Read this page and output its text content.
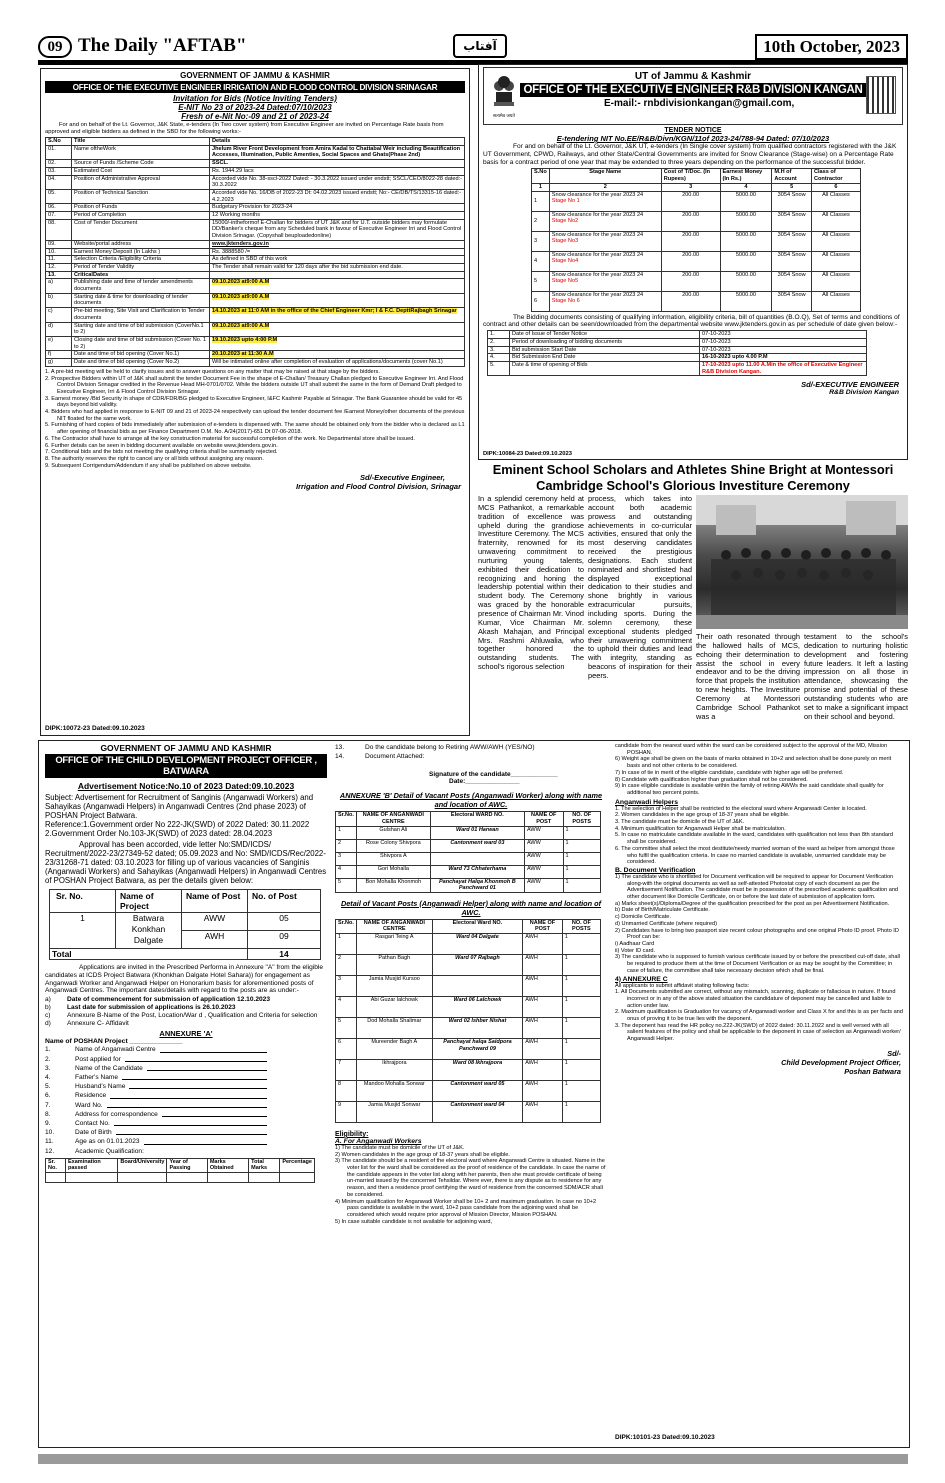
09 The Daily "AFTAB"	آفتاب	10th October, 2023
GOVERNMENT OF JAMMU & KASHMIR
OFFICE OF THE EXECUTIVE ENGINEER IRRIGATION AND FLOOD CONTROL DIVISION SRINAGAR
Invitation for Bids (Notice Inviting Tenders)
E-NIT No 23 of 2023-24 Dated:07/10/2023
Fresh of e-Nit No:-09 and 21 of 2023-24

For and on behalf of the Lt. Governor, J&K State, e-tenders (In Two cover system) from Executive Engineer are invited on Percentage Rate basis from approved and eligible bidders as defined in the SBD for the following works:-

S.No	Title	Details
01.	Name oftheWork	Jhelum River Front Development from Amira Kadal to Chattabal Weir including Beautification Accesses, Illumination, Public Amenties, Social Spaces and Ghats(Phase 2nd)
02.	Source of Funds /Scheme Code	SSCL.
03.	Estimated Cost	Rs. 1944.29 lacs
04.	Position of Administrative Approval	Accorded vide No. 38-sscl-2022 Dated: - 30.3.2022 issued under endstt; SSCL/CEO/8022-28 dated:- 30.3.2022
05.	Position of Technical Sanction	Accorded vide No. 16/DB of 2022-23 Dt: 04.02.2023 issued endstt; No:- CE/DB/TS/13315-16 dated:- 4.2.2023
06.	Position of Funds	Budgetary Provision for 2023-24
07.	Period of Completion	12 Working months
08.	Cost of Tender Document	15000/-intheformof E-Challan for bidders of UT J&K and for U.T. outside bidders may formulate DD/Banker's cheque from any Scheduled bank in favour of Executive Engineer Irri and Flood Control Division Srinagar. (Copyshall beuploadedonline)
09.	Website/portal address	www.jktenders.gov.in
10.	Earnest Money Deposit (In Lakhs )	Rs. 3888580 /=
11.	Selection Criteria /Eligibility Criteria	As defined in SBD of this work
12.	Period of Tender Validity	The Tender shall remain valid for 120 days after the bid submission end date.
13.	CriticalDates	
a)	Publishing date and time of tender amendments documents	09.10.2023 at9:00 A.M
b)	Starting date & time for downloading of tender documents	09.10.2023 at9:00 A.M
c)	Pre-bid meeting, Site Visit and Clarification to Tender documents	14.10.2023 at 11:0 AM in the office of the Chief Engineer Kmr; I & F.C. DepttRajbagh Srinagar
d)	Starting date and time of bid submission (CoverNo.1 to 2)	09.10.2023 at9:00 A.M
e)	Closing date and time of bid submission (Cover No. 1 to 2)	19.10.2023 upto 4:00 P.M
f)	Date and time of bid opening (Cover No.1)	20.10.2023 at 11:30 A.M
g)	Date and time of bid opening (Cover No.2)	Will be intimated online after completion of evaluation of applications/documents (cover No.1)

1. A pre-bid meeting will be held to clarify issues and to answer questions on any matter that may be raised at that stage by the bidders.

2. Prospective Bidders within UT of J&K shall submit the tender Document Fee in the shape of E-Challan/ Treasury Challan pledged to Executive Engineer Irri. And Flood Control Division Srinagar credited in the Revenue Head MH-0701/0702. While the bidders outside UT shall submit the same in the form of Demand Draft pledged to Executive Engineer, Irri & Flood Control Division Srinagar.

3. Earnest money /Bid Security in shape of CDR/FDR/BG pledged to Executive Engineer, I&FC Kashmir Payable at Srinagar. The Bank Guarantee should be valid for 45 days beyond bid validity.

4. Bidders who had applied in response to E-NIT 09 and 21 of 2023-24 respectively can upload the tender document fee /Earnest Money/other documents of the previous NIT floated for the same work.

5. Furnishing of hard copies of bids immediately after submission of e-tenders is dispensed with. The same should be obtained only from the bidder who is declared as L1 after opening of financial bids as per Finance Department O.M. No. A/24(2017)-651 Dt 07-06-2018.

6. The Contractor shall have to arrange all the key construction material for successful completion of the work. No Departmental store shall be issued.

6. Further details can be seen in bidding document available on website www.jktenders.gov.in.

7. Conditional bids and the bids not meeting the qualifying criteria shall be summarily rejected.

8. The authority reserves the right to cancel any or all bids without assigning any reason.

9. Subsequent Corrigendum/Addendum if any shall be published on above website.

Sd/-Executive Engineer,
Irrigation and Flood Control Division, Srinagar
DIPK:10072-23 Dated:09.10.2023
सत्यमेव जयते
UT of Jammu & Kashmir
OFFICE OF THE EXECUTIVE ENGINEER R&B DIVISION KANGAN
E-mail:- rnbdivisionkangan@gmail.com,
TENDER NOTICE
E-tendering NIT No.EE/R&B/Divn/KGN/11of 2023-24/788-94 Dated: 07/10/2023

For and on behalf of the Lt. Governor, J&K UT, e-tenders (In Single cover system) from qualified contractors registered with the J&K UT Government, CPWD, Railways, and other State/Central Governments are invited for Snow Clearance (Stage-wise) on a Percentage Rate basis for a contract period of one year that may be extended to three years depending on the performance of the successful bidder.

S.No	Stage Name	Cost of T/Doc. (In Rupees)	Earnest Money (In Rs.)	M.H of Account	Class of Contractor
1	2	3	4	5	6
1	Snow clearance for the year 2023 24 Stage No 1	200.00	5000.00	3054 Snow	All Classes
2	Snow clearance for the year 2023 24 Stage No2	200.00	5000.00	3054 Snow	All Classes
3	Snow clearance for the year 2023 24 Stage No3	200.00	5000.00	3054 Snow	All Classes
4	Snow clearance for the year 2023 24 Stage No4	200.00	5000.00	3054 Snow	All Classes
5	Snow clearance for the year 2023 24 Stage No5	200.00	5000.00	3054 Snow	All Classes
6	Snow clearance for the year 2023 24 Stage No 6	200.00	5000.00	3054 Snow	All Classes

The Bidding documents consisting of qualifying information, eligibility criteria, bill of quantities (B.O.Q), Set of terms and conditions of contract and other details can be seen/downloaded from the departmental website www.jktenders.gov.in as per schedule of date given below:-

1.	Date of Issue of Tender Notice	07-10-2023
2.	Period of downloading of bidding documents	07-10-2023
3.	Bid submission Start Date	07-10-2023
4.	Bid Submission End Date	16-10-2023 upto 4.00 P.M
5.	Date & time of opening of Bids	17-10-2023 upto 11.00 A.Min the office of Executive Engineer R&B Division Kangan.
Sd/-EXECUTIVE ENGINEER
R&B Division Kangan
DIPK:10084-23 Dated:09.10.2023
Eminent School Scholars and Athletes Shine Bright at Montessori Cambridge School's Glorious Investiture Ceremony

In a splendid ceremony held at MCS Pathankot, a remarkable tradition of excellence was upheld during the grandiose Investiture Ceremony. The MCS fraternity, renowned for its unwavering commitment to nurturing young talents, exhibited their dedication to recognizing and honing the leadership potential within their student body. The Ceremony was graced by the honorable presence of Chairman Mr. Vinod Kumar, Vice Chairman Mr. Akash Mahajan, and Principal Mrs. Rashmi Ahluwalia, who together honored the outstanding students. The school's rigorous selection

process, which takes into account both academic prowess and outstanding achievements in co-curricular activities, ensured that only the most deserving candidates received the prestigious designations. Each student nominated and shortlisted had displayed exceptional dedication to their studies and shone brightly in various extracurricular pursuits, including sports. During the solemn ceremony, these exceptional students pledged their unwavering commitment to uphold their duties and lead with integrity, standing as beacons of inspiration for their peers.

Their oath resonated through the hallowed halls of MCS, echoing their determination to assist the school in every endeavor and to be the driving force that propels the institution to new heights. The Investiture Ceremony at Montessori Cambridge School Pathankot was a

testament to the school's dedication to nurturing holistic development and fostering future leaders. It left a lasting impression on all those in attendance, showcasing the promise and potential of these outstanding students who are set to make a significant impact on their school and beyond.

GOVERNMENT OF JAMMU AND KASHMIR
OFFICE OF THE CHILD DEVELOPMENT PROJECT OFFICER , BATWARA
Advertisement Notice:No.10 of 2023 Dated:09.10.2023

Subject: Advertisement for Recruitment of Sanginis (Anganwadi Workers) and Sahayikas (Anganwadi Helpers) in Anganwadi Centres (2nd phase 2023) of POSHAN Project Batwara.

Reference:1.Government order No 222-JK(SWD) of 2022 Dated: 30.11.2022

2.Government Order No.103-JK(SWD) of 2023 dated: 28.04.2023

Approval has been accorded, vide letter No:SMD/ICDS/ Recruitment/2022-23/27349-52 dated; 05.09.2023 and No: SMD/ICDS/Rec/2022-23/31268-71 dated: 03.10.2023 for filling up of various vacancies of Sanginis (Anganwadi Workers) and Sahayikas (Anganwadi Helpers) in Anganwadi Centres of POSHAN Project Batwara, as per the details given below:

Sr. No.	Name of Project	Name of Post	No. of Post
1	Batwara Konkhan Dalgate	AWW	05
		AWH	09
Total			14

Applications are invited in the Prescribed Performa in Annexure "A" from the eligible candidates at ICDS Project Batwara (Khonkhan Dalgate Hotel Sahara)) for engagement as Anganwadi Worker and Anganwadi Helper on Honorarium basis for aforementioned posts of Anganwadi Centres. The important dates/details with regard to the posts are as under:-

a)	Date of commencement for submission of application 12.10.2023
b)	Last date for submission of applications is 26.10.2023
c)	Annexure B-Name of the Post, Location/War d , Qualification and Criteria for selection
d)	Annexure C- Affidavit
ANNEXURE 'A'
Name of POSHAN Project ______________
1.	Name of Anganwadi Centre
2.	Post applied for
3.	Name of the Candidate
4.	Father's Name
5.	Husband's Name
6.	Residence
7.	Ward No.
8.	Address for correspondence
9.	Contact No.
10.	Date of Birth
11.	Age as on 01.01.2023
12.	Academic Qualification:
Sr. No.	Examination passed	Board/University	Year of Passing	Marks Obtained	Total Marks	Percentage

13.	Do the candidate belong to Retiring AWW/AWH (YES/NO)
14.	Document Attached:
Signature of the candidate_____________
Date:_______________
ANNEXURE 'B' Detail of Vacant Posts (Anganwadi Worker) along with name and location of AWC.
Sr.No.	NAME OF ANGANWADI CENTRE	Electoral WARD NO.	NAME OF POST	NO. OF POSTS
1	Gulshan Ali	Ward 01 Harwan	AWW	1
2	Rose Colony Shivpora	Cantonment ward 03	AWW	1
3	Shivpora A		AWW	1
4	Gori Mohalla	Ward 73 Chhaterhama	AWW	1
5	Bon Mohalla Khonmoh	Panchayat Halqa Khonmoh B Panchward 01	AWW	1
Detail of Vacant Posts (Anganwadi Helper) along with name and location of AWC.
Sr.No.	NAME OF ANGANWADI CENTRE	Electoral Ward NO.	NAME OF POST	NO. OF POSTS
1	Rasgari Teing A	Ward 04 Dalgate	AWH	1
2	Pathan Bagh	Ward 07 Rajbagh	AWH	1
3	Jamia Musjid Kursoo		AWH	1
4	Abi Guzar lalchowk	Ward 06 Lalchowk	AWH	1
5	Dod Mohalla Shalimar	Ward 02 Ishber Nishat	AWH	1
6	Mureender Bagh A	Panchayat halqa Saidpora Panchward 09	AWH	1
7	Ikhrajpora	Ward 08 Ikhrajpora	AWH	1
8	Mandoo Mohalla Sonwar	Cantonment ward 05	AWH	1
9	Jamia Musjid Sonwar	Cantonment ward 04	AWH	1
Eligibility:
A. For Anganwadi Workers

1) The candidate must be domicile of the UT of J&K.

2) Women candidates in the age group of 18-37 years shall be eligible.

3) The candidate should be a resident of the electoral ward where Anganwadi Centre is situated. Name in the voter list for the ward shall be considered as the proof of residence of the candidate. In case the name of the candidate appears in the voter list along with her parents, then she must provide certificate of being un-married issued by the concerned Tehsildar. Where ever, there is any dispute as to residence for any reason, and then a residence proof certifying the ward of residence from the concerned SDM/ACR shall be considered.

4) Minimum qualification for Anganwadi Worker shall be 10+ 2 and maximum graduation. In case no 10+2 pass candidate is available in the ward, 10+2 pass candidate from the adjoining ward shall be considered which would require prior approval of Mission Director, Mission POSHAN.

5) In case suitable candidate is not available for adjoining ward,

candidate from the nearest ward within the ward can be considered subject to the approval of the MD, Mission POSHAN.

6) Weight age shall be given on the basis of marks obtained in 10+2 and selection shall be done purely on merit basis and not other criteria to be considered.

7) In case of tie in merit of the eligible candidate, candidate with higher age will be preferred.

8) Candidate with qualification higher than graduation shall not be considered.

9) In case eligible candidate is available within the family of retiring AWWs the said candidate shall qualify for additional two percent points.

Anganwadi Helpers

1. The selection of Helper shall be restricted to the electoral ward where Anganwadi Center is located.

2. Women candidates in the age group of 18-37 years shall be eligible.

3. The candidate must be domicile of the UT of J&K.

4. Minimum qualification for Anganwadi Helper shall be matriculation.

5. In case no matriculate candidate available in the ward, candidates with qualification not less than 8th standard shall be considered.

6. The committee shall select the most destitute/needy married woman of the ward as helper from amongst those who fulfil the qualification criteria. In case no married candidate is available, unmarried candidate may be considered.

B. Document Verification

1) The candidate who is shortlisted for Document verification will be required to appear for Document Verification along-with the original documents as well as self-attested Photostat copy of each document as per the Advertisement Notification. The candidate must be in possession of the prescribed academic qualification and other document like Domicile Certificate, on or before the last date of submission of application form.

a) Marks sheet(s)/Diploma/Degree of the qualification prescribed for the post as per Advertisement Notification.

b) Date of Birth/Matriculate Certificate.

c) Domicile Certificate.

d) Unmarried Certificate (where required)

2) Candidates have to bring two passport size recent colour photographs and one original Photo ID proof. Photo ID Proof can be:

i) Aadhaar Card

ii) Voter ID card.

3) The candidate who is supposed to furnish various certificate issued by or before the prescribed cut-off date, shall be required to produce them at the time of Document Verification or as may be sought by the Committee; in case of failure, the committee shall take necessary decision which shall be final.

4) ANNEXURE C

All applicants to submit affidavit stating following facts:

1. All Documents submitted are correct, without any mismatch, scanning, duplicate or fallacious in nature. If found incorrect or in any of the above stated situation the candidature of deponent may be cancelled and liable to action under law.

2. Maximum qualification is Graduation for vacancy of Anganwadi worker and Class X for and this is as per facts and onus of proving it to be true lies with the deponent.

3. The deponent has read the HR policy no.222-JK(SWD) of 2022 dated: 30.11.2022 and is well versed with all salient features of the policy and shall be applicable to the deponent in case of selection as Anganwadi worker/ Anganwadi Helper.

Sd/-
Child Development Project Officer,
Poshan Batwara
DIPK:10101-23 Dated:09.10.2023
